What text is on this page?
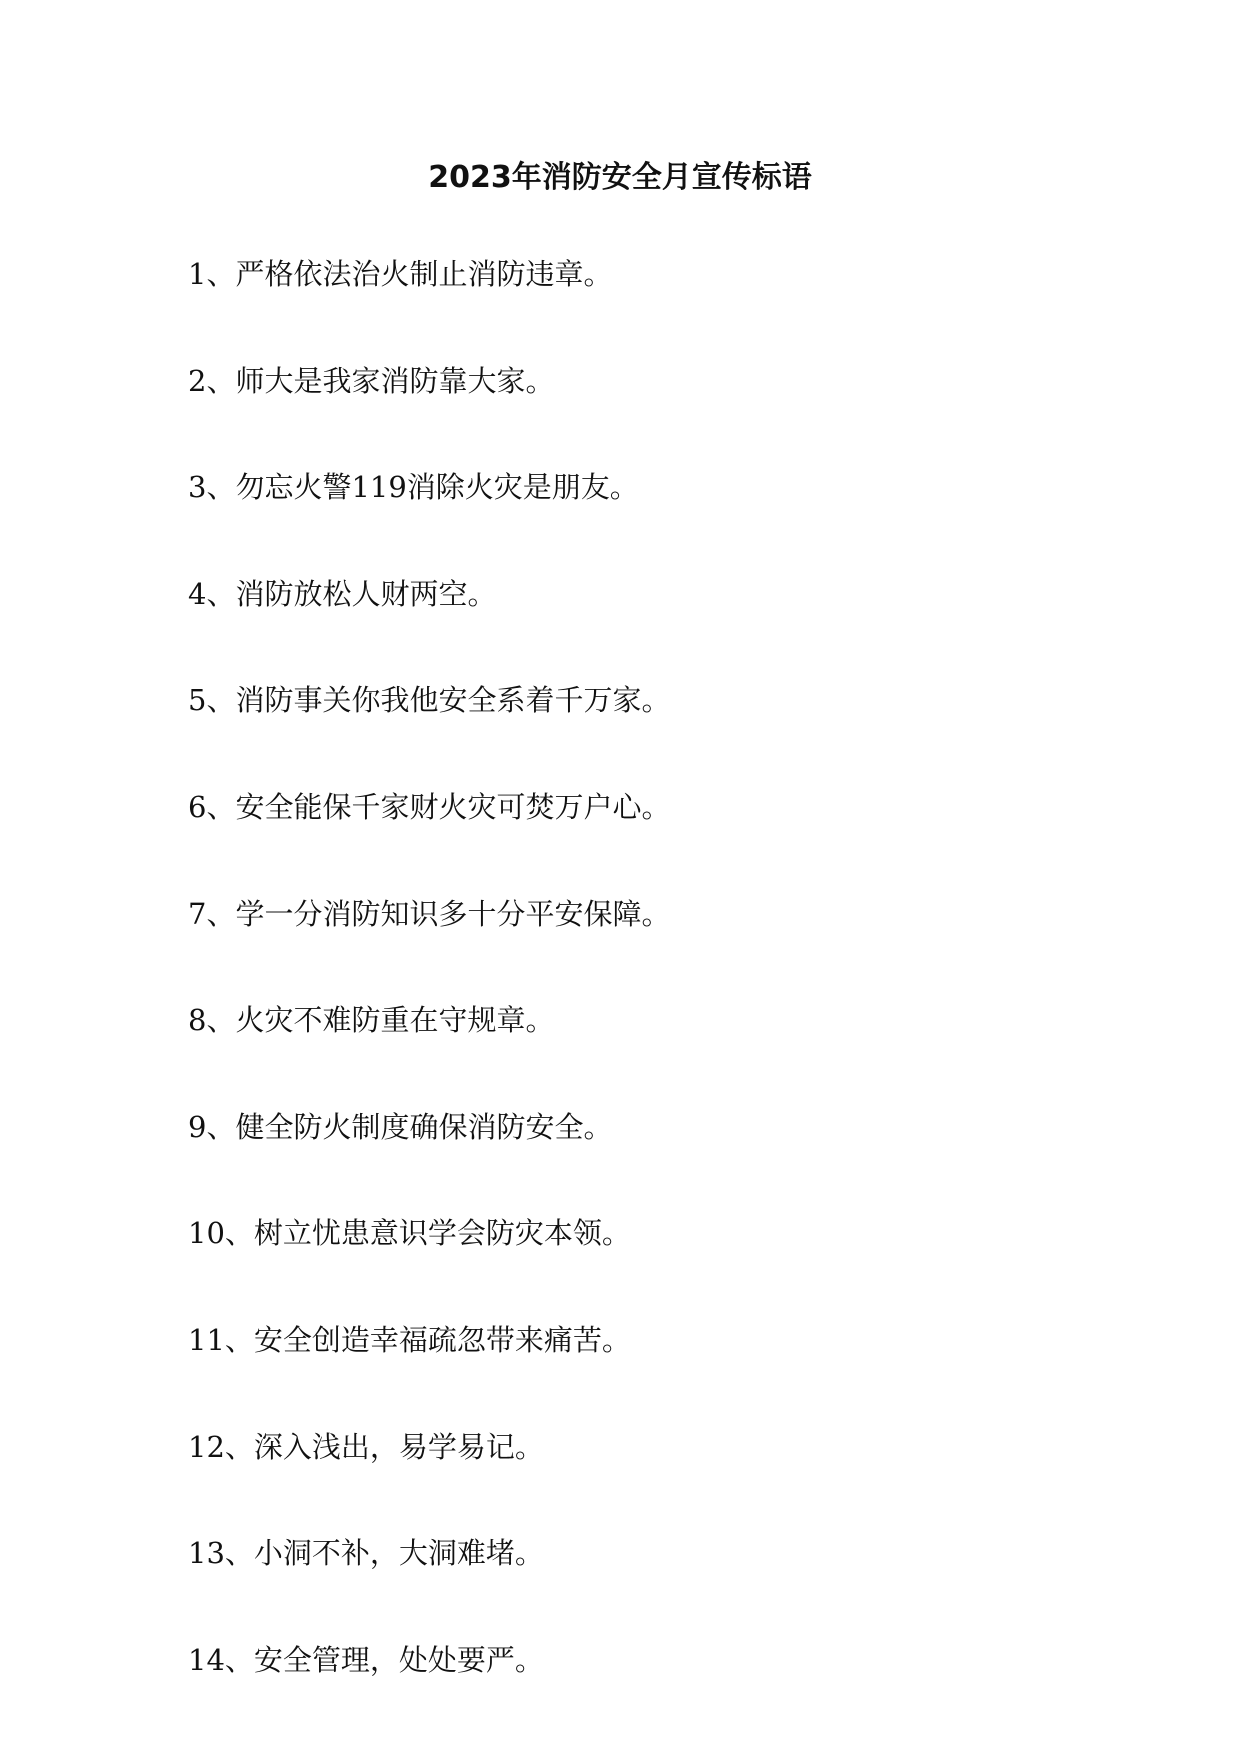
2023年消防安全月宣传标语
1、严格依法治火制止消防违章。
2、师大是我家消防靠大家。
3、勿忘火警119消除火灾是朋友。
4、消防放松人财两空。
5、消防事关你我他安全系着千万家。
6、安全能保千家财火灾可焚万户心。
7、学一分消防知识多十分平安保障。
8、火灾不难防重在守规章。
9、健全防火制度确保消防安全。
10、树立忧患意识学会防灾本领。
11、安全创造幸福疏忽带来痛苦。
12、深入浅出，易学易记。
13、小洞不补，大洞难堵。
14、安全管理，处处要严。
